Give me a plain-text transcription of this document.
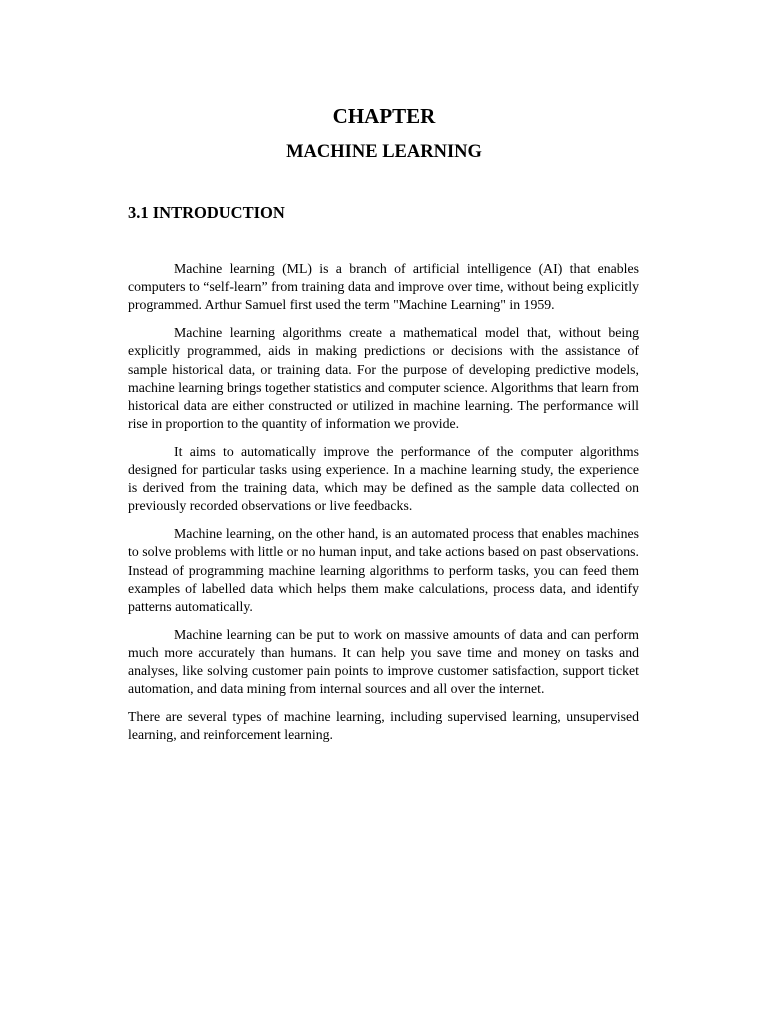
CHAPTER
MACHINE LEARNING
3.1 INTRODUCTION

Machine learning (ML) is a branch of artificial intelligence (AI) that enables computers to “self-learn” from training data and improve over time, without being explicitly programmed. Arthur Samuel first used the term "Machine Learning" in 1959.

Machine learning algorithms create a mathematical model that, without being explicitly programmed, aids in making predictions or decisions with the assistance of sample historical data, or training data. For the purpose of developing predictive models, machine learning brings together statistics and computer science. Algorithms that learn from historical data are either constructed or utilized in machine learning. The performance will rise in proportion to the quantity of information we provide.

It aims to automatically improve the performance of the computer algorithms designed for particular tasks using experience. In a machine learning study, the experience is derived from the training data, which may be defined as the sample data collected on previously recorded observations or live feedbacks.

Machine learning, on the other hand, is an automated process that enables machines to solve problems with little or no human input, and take actions based on past observations. Instead of programming machine learning algorithms to perform tasks, you can feed them examples of labelled data which helps them make calculations, process data, and identify patterns automatically.

Machine learning can be put to work on massive amounts of data and can perform much more accurately than humans. It can help you save time and money on tasks and analyses, like solving customer pain points to improve customer satisfaction, support ticket automation, and data mining from internal sources and all over the internet.

There are several types of machine learning, including supervised learning, unsupervised learning, and reinforcement learning.
